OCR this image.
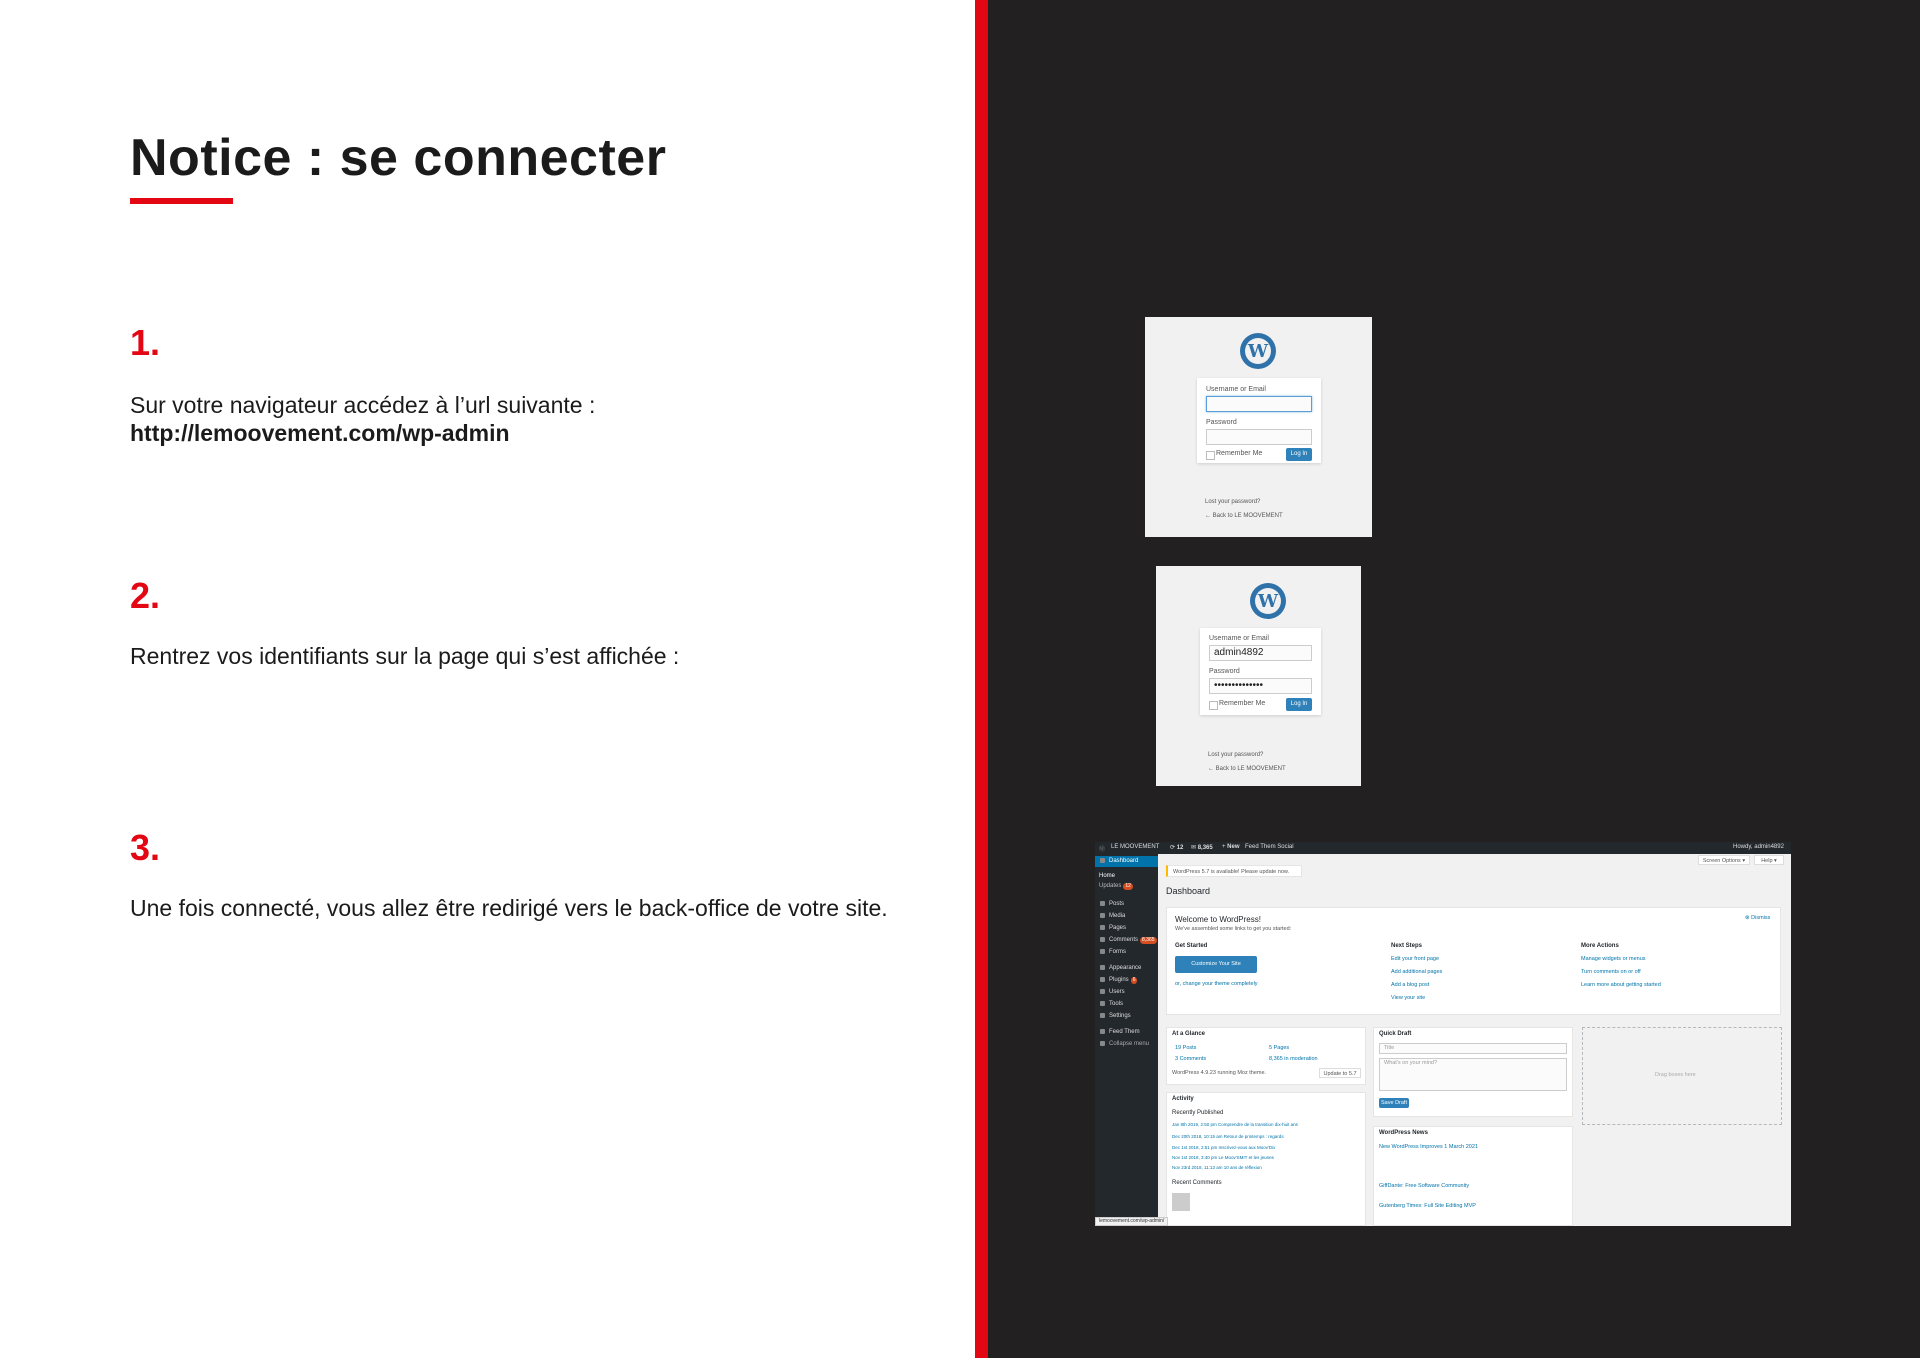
Notice : se connecter
1.
Sur votre navigateur accédez à l’url suivante :
http://lemoovement.com/wp-admin
2.
Rentrez vos identifiants sur la page qui s’est affichée :
3.
Une fois connecté, vous allez être redirigé vers le back-office de votre site.
W
Username or Email
Password
Remember Me	Log In
Lost your password?
← Back to LE MOOVEMENT
W
Username or Email
admin4892
Password
••••••••••••••
Remember Me	Log In
Lost your password?
← Back to LE MOOVEMENT
Ⓦ LE MOOVEMENT ⟳ 12 ✉ 8,365 + New Feed Them Social	Howdy, admin4892
Dashboard
Home
Updates 12
Posts
Media
Pages
Comments 8,365
Forms
Appearance
Plugins 6
Users
Tools
Settings
Feed Them
Collapse menu
Screen Options ▾	Help ▾
WordPress 5.7 is available! Please update now.
Dashboard
Welcome to WordPress!
We've assembled some links to get you started:
⊗ Dismiss
Get Started
Customize Your Site
or, change your theme completely
Next Steps
Edit your front page
Add additional pages
Add a blog post
View your site
More Actions
Manage widgets or menus
Turn comments on or off
Learn more about getting started
At a Glance
19 Posts	5 Pages
3 Comments	8,365 in moderation
WordPress 4.9.23 running Moz theme.	Update to 5.7
Quick Draft
Title
What's on your mind?
Save Draft
Drag boxes here
Activity
Recently Published
Jan 8th 2019, 2:50 pm Comprendre de la transition dix-huit ans
Dec 20th 2018, 10:15 am Retour de printemps : regards
Dec 1st 2018, 2:51 pm Inscrivez-vous aux Moov'Dix
Nov 1st 2018, 3:40 pm Le Moov'SMIT et les jeunes
Nov 23rd 2018, 11:13 am 10 ans de réflexion
Recent Comments
WordPress News
New WordPress Improves 1 March 2021
GiffDante: Free Software Community
Gutenberg Times: Full Site Editing MVP
lemoovement.com/wp-admin/
